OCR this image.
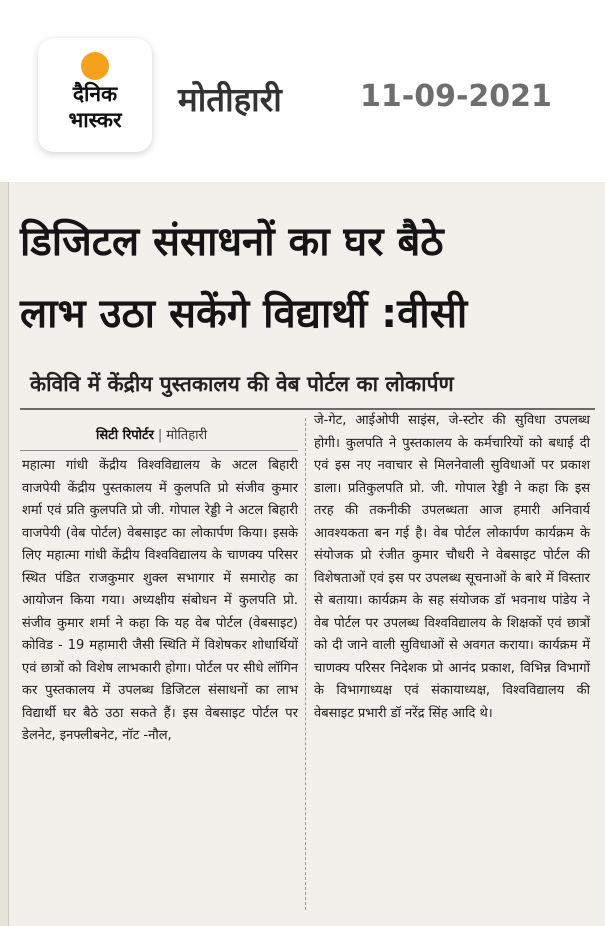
दैनिक
भास्कर
मोतीहारी	11-09-2021
डिजिटल संसाधनों का घर बैठे
लाभ उठा सकेंगे विद्यार्थी :वीसी
केविवि में केंद्रीय पुस्तकालय की वेब पोर्टल का लोकार्पण
सिटी रिपोर्टर | मोतिहारी
महात्मा गांधी केंद्रीय विश्वविद्यालय के अटल बिहारी वाजपेयी केंद्रीय पुस्तकालय में कुलपति प्रो संजीव कुमार शर्मा एवं प्रति कुलपति प्रो जी. गोपाल रेड्डी ने अटल बिहारी वाजपेयी (वेब पोर्टल) वेबसाइट का लोकार्पण किया। इसके लिए महात्मा गांधी केंद्रीय विश्वविद्यालय के चाणक्य परिसर स्थित पंडित राजकुमार शुक्ल सभागार में समारोह का आयोजन किया गया। अध्यक्षीय संबोधन में कुलपति प्रो. संजीव कुमार शर्मा ने कहा कि यह वेब पोर्टल (वेबसाइट) कोविड - 19 महामारी जैसी स्थिति में विशेषकर शोधार्थियों एवं छात्रों को विशेष लाभकारी होगा। पोर्टल पर सीधे लॉगिन कर पुस्तकालय में उपलब्ध डिजिटल संसाधनों का लाभ विद्यार्थी घर बैठे उठा सकते हैं। इस वेबसाइट पोर्टल पर डेलनेट, इनफ्लीबनेट, नॉट -नौल,
जे-गेट, आईओपी साइंस, जे-स्टोर की सुविधा उपलब्ध होगी। कुलपति ने पुस्तकालय के कर्मचारियों को बधाई दी एवं इस नए नवाचार से मिलनेवाली सुविधाओं पर प्रकाश डाला। प्रतिकुलपति प्रो. जी. गोपाल रेड्डी ने कहा कि इस तरह की तकनीकी उपलब्धता आज हमारी अनिवार्य आवश्यकता बन गई है। वेब पोर्टल लोकार्पण कार्यक्रम के संयोजक प्रो रंजीत कुमार चौधरी ने वेबसाइट पोर्टल की विशेषताओं एवं इस पर उपलब्ध सूचनाओं के बारे में विस्तार से बताया। कार्यक्रम के सह संयोजक डॉ भवनाथ पांडेय ने वेब पोर्टल पर उपलब्ध विश्वविद्यालय के शिक्षकों एवं छात्रों को दी जाने वाली सुविधाओं से अवगत कराया। कार्यक्रम में चाणक्य परिसर निदेशक प्रो आनंद प्रकाश, विभिन्न विभागों के विभागाध्यक्ष एवं संकायाध्यक्ष, विश्वविद्यालय की वेबसाइट प्रभारी डॉ नरेंद्र सिंह आदि थे।
